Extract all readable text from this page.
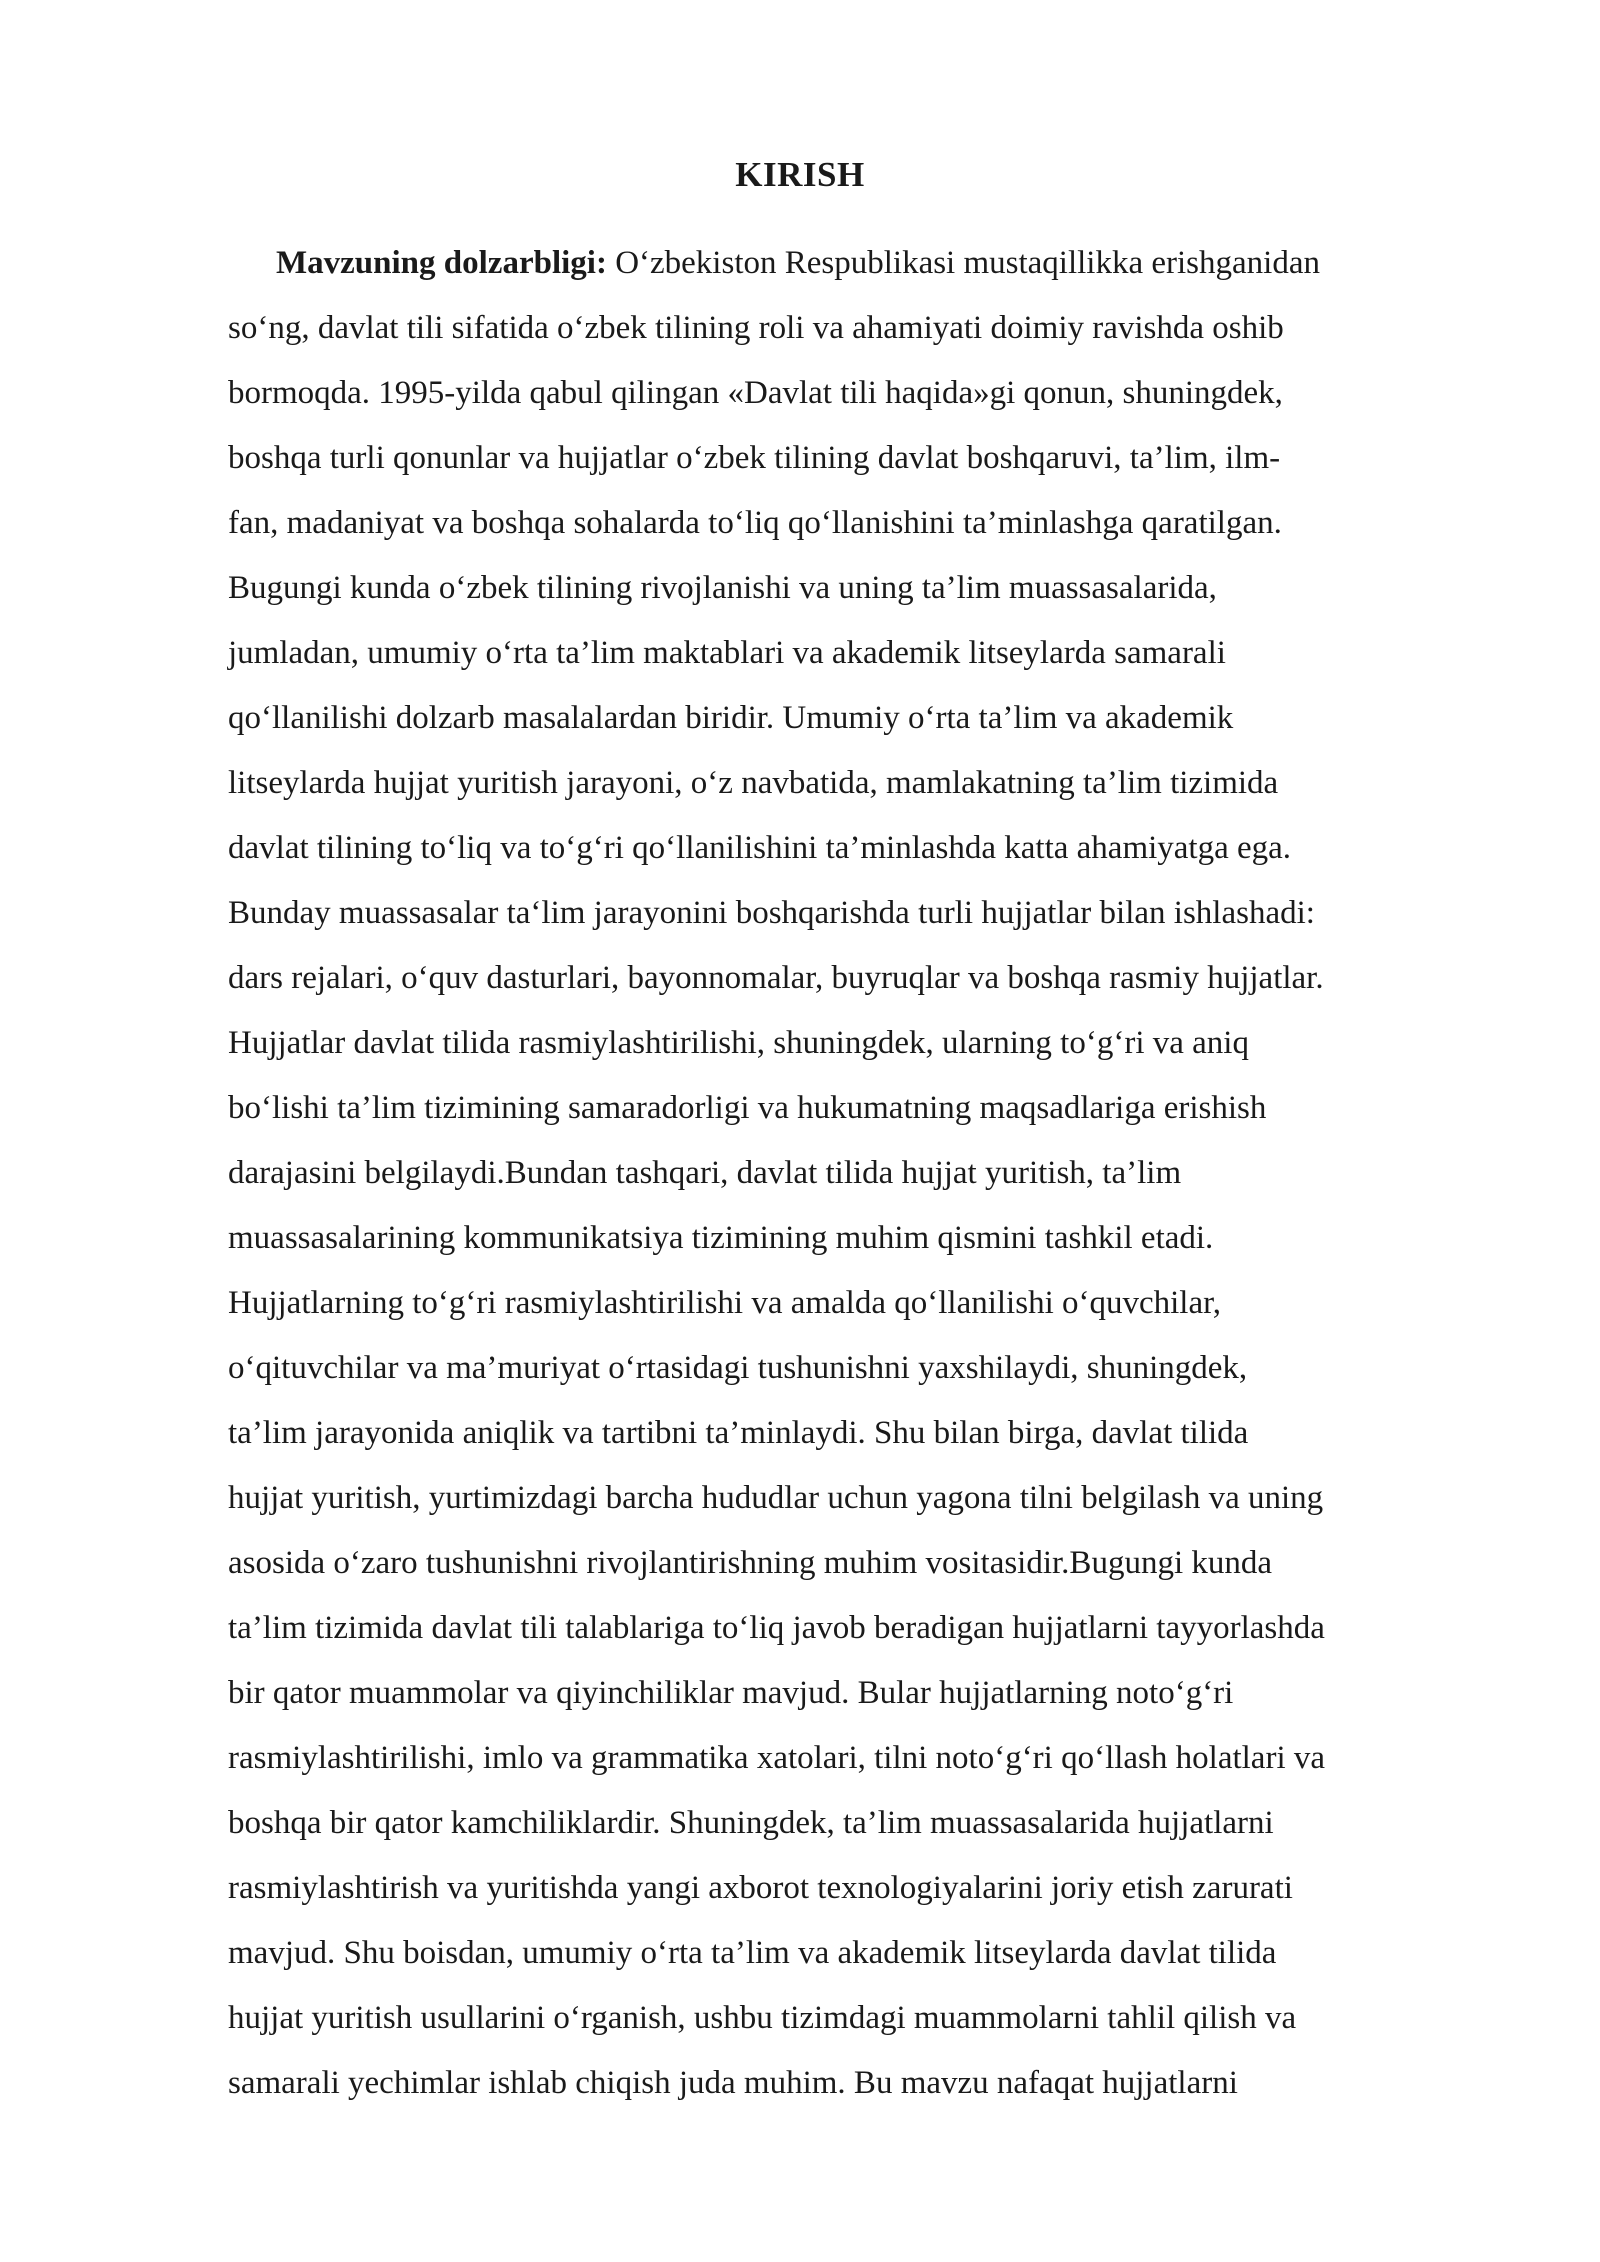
KIRISH
Mavzuning dolzarbligi: O‘zbekiston Respublikasi mustaqillikka erishganidan
so‘ng, davlat tili sifatida o‘zbek tilining roli va ahamiyati doimiy ravishda oshib
bormoqda. 1995-yilda qabul qilingan «Davlat tili haqida»gi qonun, shuningdek,
boshqa turli qonunlar va hujjatlar o‘zbek tilining davlat boshqaruvi, ta’lim, ilm-
fan, madaniyat va boshqa sohalarda to‘liq qo‘llanishini ta’minlashga qaratilgan.
Bugungi kunda o‘zbek tilining rivojlanishi va uning ta’lim muassasalarida,
jumladan, umumiy o‘rta ta’lim maktablari va akademik litseylarda samarali
qo‘llanilishi dolzarb masalalardan biridir. Umumiy o‘rta ta’lim va akademik
litseylarda hujjat yuritish jarayoni, o‘z navbatida, mamlakatning ta’lim tizimida
davlat tilining to‘liq va to‘g‘ri qo‘llanilishini ta’minlashda katta ahamiyatga ega.
Bunday muassasalar ta‘lim jarayonini boshqarishda turli hujjatlar bilan ishlashadi:
dars rejalari, o‘quv dasturlari, bayonnomalar, buyruqlar va boshqa rasmiy hujjatlar.
Hujjatlar davlat tilida rasmiylashtirilishi, shuningdek, ularning to‘g‘ri va aniq
bo‘lishi ta’lim tizimining samaradorligi va hukumatning maqsadlariga erishish
darajasini belgilaydi.Bundan tashqari, davlat tilida hujjat yuritish, ta’lim
muassasalarining kommunikatsiya tizimining muhim qismini tashkil etadi.
Hujjatlarning to‘g‘ri rasmiylashtirilishi va amalda qo‘llanilishi o‘quvchilar,
o‘qituvchilar va ma’muriyat o‘rtasidagi tushunishni yaxshilaydi, shuningdek,
ta’lim jarayonida aniqlik va tartibni ta’minlaydi. Shu bilan birga, davlat tilida
hujjat yuritish, yurtimizdagi barcha hududlar uchun yagona tilni belgilash va uning
asosida o‘zaro tushunishni rivojlantirishning muhim vositasidir.Bugungi kunda
ta’lim tizimida davlat tili talablariga to‘liq javob beradigan hujjatlarni tayyorlashda
bir qator muammolar va qiyinchiliklar mavjud. Bular hujjatlarning noto‘g‘ri
rasmiylashtirilishi, imlo va grammatika xatolari, tilni noto‘g‘ri qo‘llash holatlari va
boshqa bir qator kamchiliklardir. Shuningdek, ta’lim muassasalarida hujjatlarni
rasmiylashtirish va yuritishda yangi axborot texnologiyalarini joriy etish zarurati
mavjud. Shu boisdan, umumiy o‘rta ta’lim va akademik litseylarda davlat tilida
hujjat yuritish usullarini o‘rganish, ushbu tizimdagi muammolarni tahlil qilish va
samarali yechimlar ishlab chiqish juda muhim. Bu mavzu nafaqat hujjatlarni
